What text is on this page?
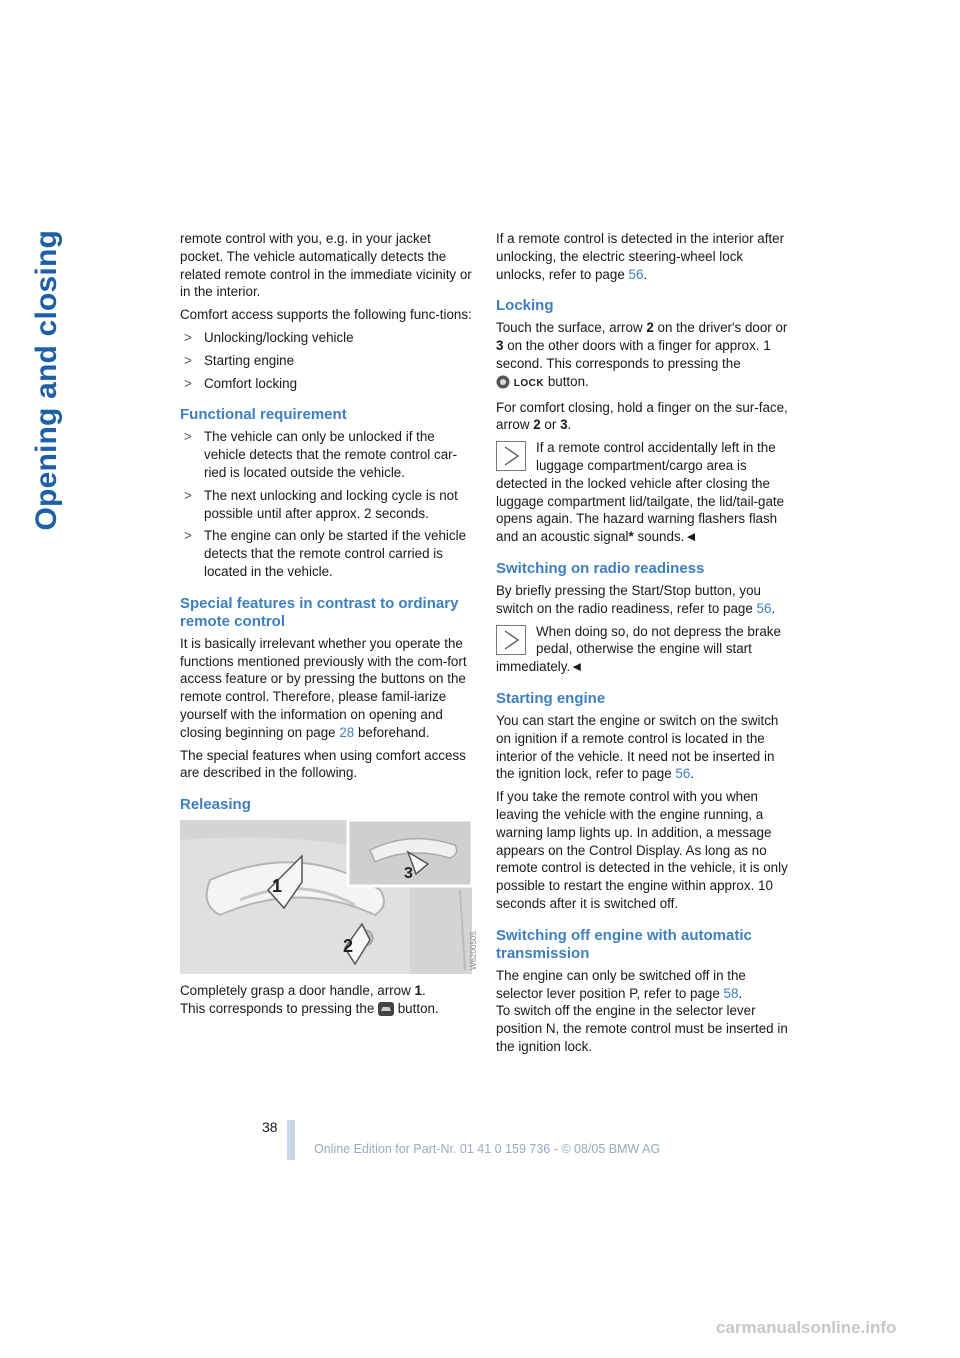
Opening and closing	remote control with you, e.g. in your jacket pocket. The vehicle automatically detects the related remote control in the immediate vicinity or in the interior.

Comfort access supports the following func-tions:

> Unlocking/locking vehicle
> Starting engine
> Comfort locking
Functional requirement
> The vehicle can only be unlocked if the vehicle detects that the remote control car-ried is located outside the vehicle.
> The next unlocking and locking cycle is not possible until after approx. 2 seconds.
> The engine can only be started if the vehicle detects that the remote control carried is located in the vehicle.
Special features in contrast to ordinary remote control

It is basically irrelevant whether you operate the functions mentioned previously with the com-fort access feature or by pressing the buttons on the remote control. Therefore, please famil-iarize yourself with the information on opening and closing beginning on page 28 beforehand.

The special features when using comfort access are described in the following.

Releasing
1
2
3
W6200505

Completely grasp a door handle, arrow 1.
This corresponds to pressing the button.

If a remote control is detected in the interior after unlocking, the electric steering-wheel lock unlocks, refer to page 56.

Locking

Touch the surface, arrow 2 on the driver's door or 3 on the other doors with a finger for approx. 1 second. This corresponds to pressing the
LOCK button.

For comfort closing, hold a finger on the sur-face, arrow 2 or 3.

If a remote control accidentally left in the luggage compartment/cargo area is detected in the locked vehicle after closing the luggage compartment lid/tailgate, the lid/tail-gate opens again. The hazard warning flashers flash and an acoustic signal* sounds.◄

Switching on radio readiness

By briefly pressing the Start/Stop button, you switch on the radio readiness, refer to page 56.

When doing so, do not depress the brake pedal, otherwise the engine will start immediately.◄

Starting engine

You can start the engine or switch on the switch on ignition if a remote control is located in the interior of the vehicle. It need not be inserted in the ignition lock, refer to page 56.

If you take the remote control with you when leaving the vehicle with the engine running, a warning lamp lights up. In addition, a message appears on the Control Display. As long as no remote control is detected in the vehicle, it is only possible to restart the engine within approx. 10 seconds after it is switched off.

Switching off engine with automatic transmission

The engine can only be switched off in the selector lever position P, refer to page 58.

To switch off the engine in the selector lever position N, the remote control must be inserted in the ignition lock.

38
Online Edition for Part-Nr. 01 41 0 159 736 - © 08/05 BMW AG
carmanualsonline.info
